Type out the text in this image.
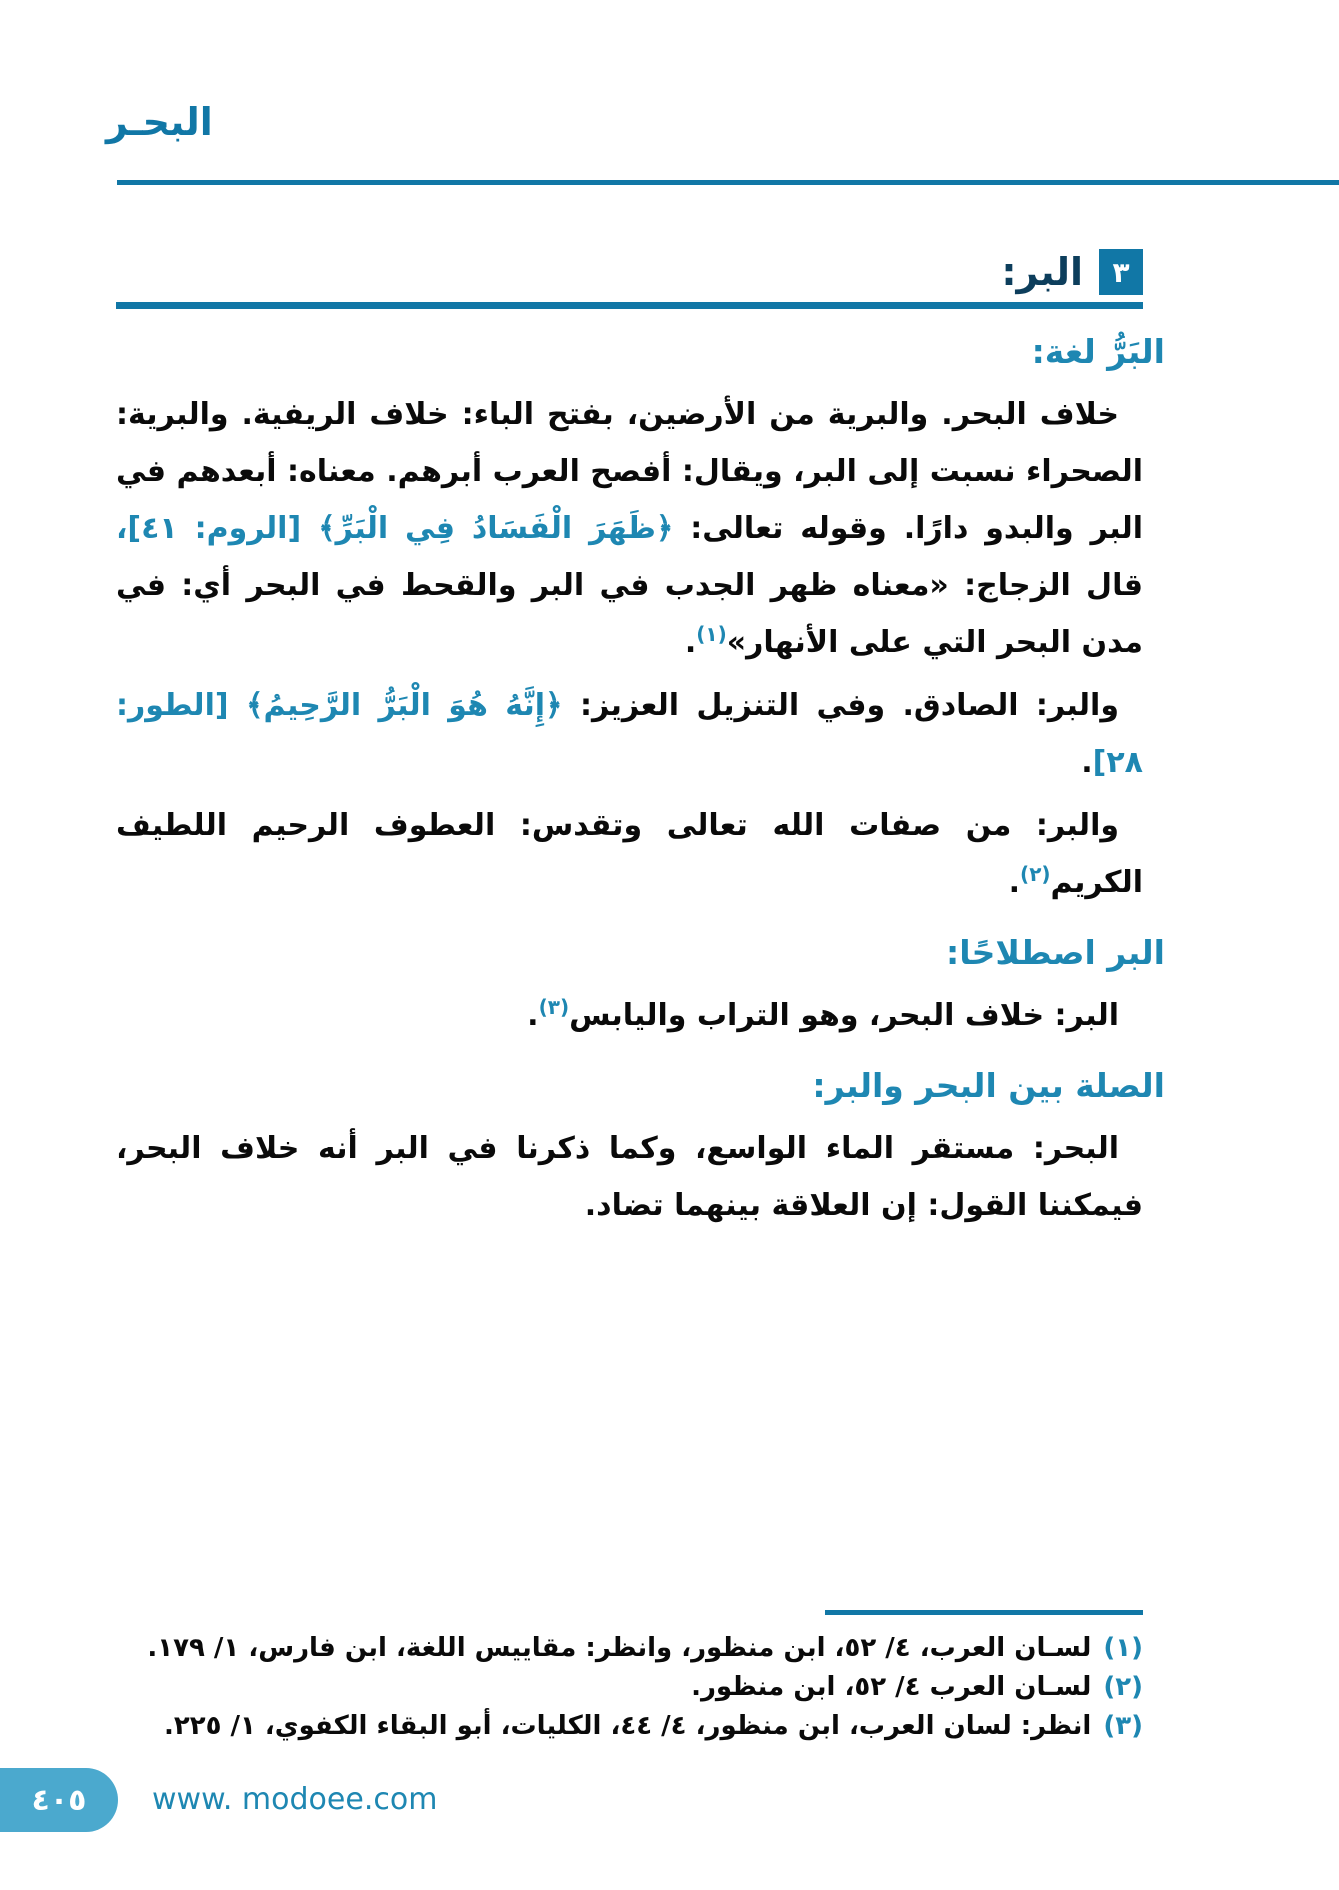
البحـر
٣
البر:
البَرُّ لغة:

خلاف البحر. والبرية من الأرضين، بفتح الباء: خلاف الريفية. والبرية: الصحراء نسبت إلى البر، ويقال: أفصح العرب أبرهم. معناه: أبعدهم في البر والبدو دارًا. وقوله تعالى: ﴿ظَهَرَ الْفَسَادُ فِي الْبَرِّ﴾ [الروم: ٤١]، قال الزجاج: «معناه ظهر الجدب في البر والقحط في البحر أي: في مدن البحر التي على الأنهار»$^{(١)}$.

والبر: الصادق. وفي التنزيل العزيز: ﴿إِنَّهُ هُوَ الْبَرُّ الرَّحِيمُ﴾ [الطور: ٢٨].

والبر: من صفات الله تعالى وتقدس: العطوف الرحيم اللطيف الكريم$^{(٢)}$.

البر اصطلاحًا:

البر: خلاف البحر، وهو التراب واليابس$^{(٣)}$.

الصلة بين البحر والبر:

البحر: مستقر الماء الواسع، وكما ذكرنا في البر أنه خلاف البحر، فيمكننا القول: إن العلاقة بينهما تضاد.

(١)
لسـان العرب، ٤/ ٥٢، ابن منظور، وانظر: مقاييس اللغة، ابن فارس، ١/ ١٧٩.
(٢)
لسـان العرب ٤/ ٥٢، ابن منظور.
(٣)
انظر: لسان العرب، ابن منظور، ٤/ ٤٤، الكليات، أبو البقاء الكفوي، ١/ ٢٢٥.
٤٠٥ www. modoee.com
